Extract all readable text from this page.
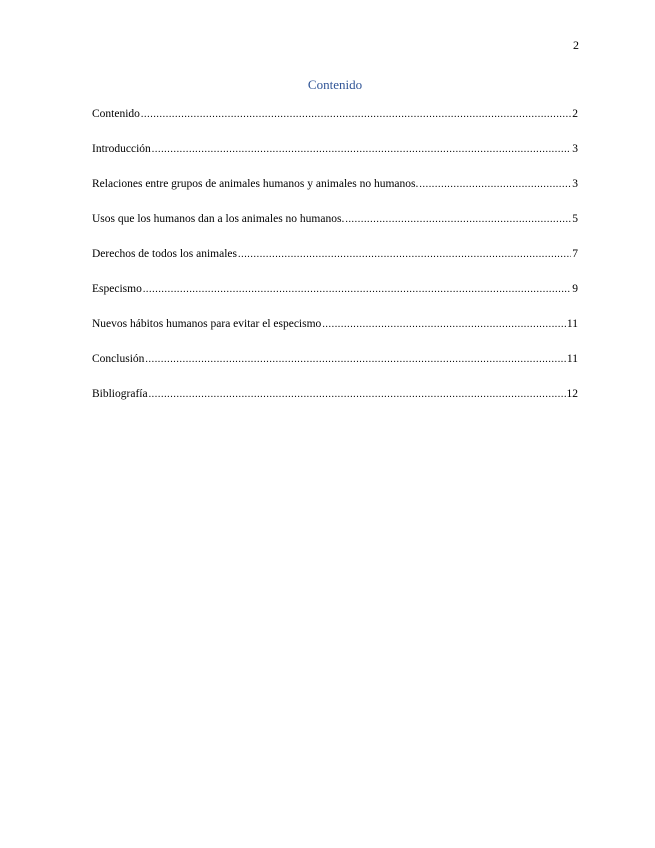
2
Contenido
Contenido .....	2
Introducción .....	3
Relaciones entre grupos de animales humanos y animales no humanos. .....	3
Usos que los humanos dan a los animales no humanos. .....	5
Derechos de todos los animales .....	7
Especismo .....	9
Nuevos hábitos humanos para evitar el especismo .....	11
Conclusión .....	11
Bibliografía .....	12
